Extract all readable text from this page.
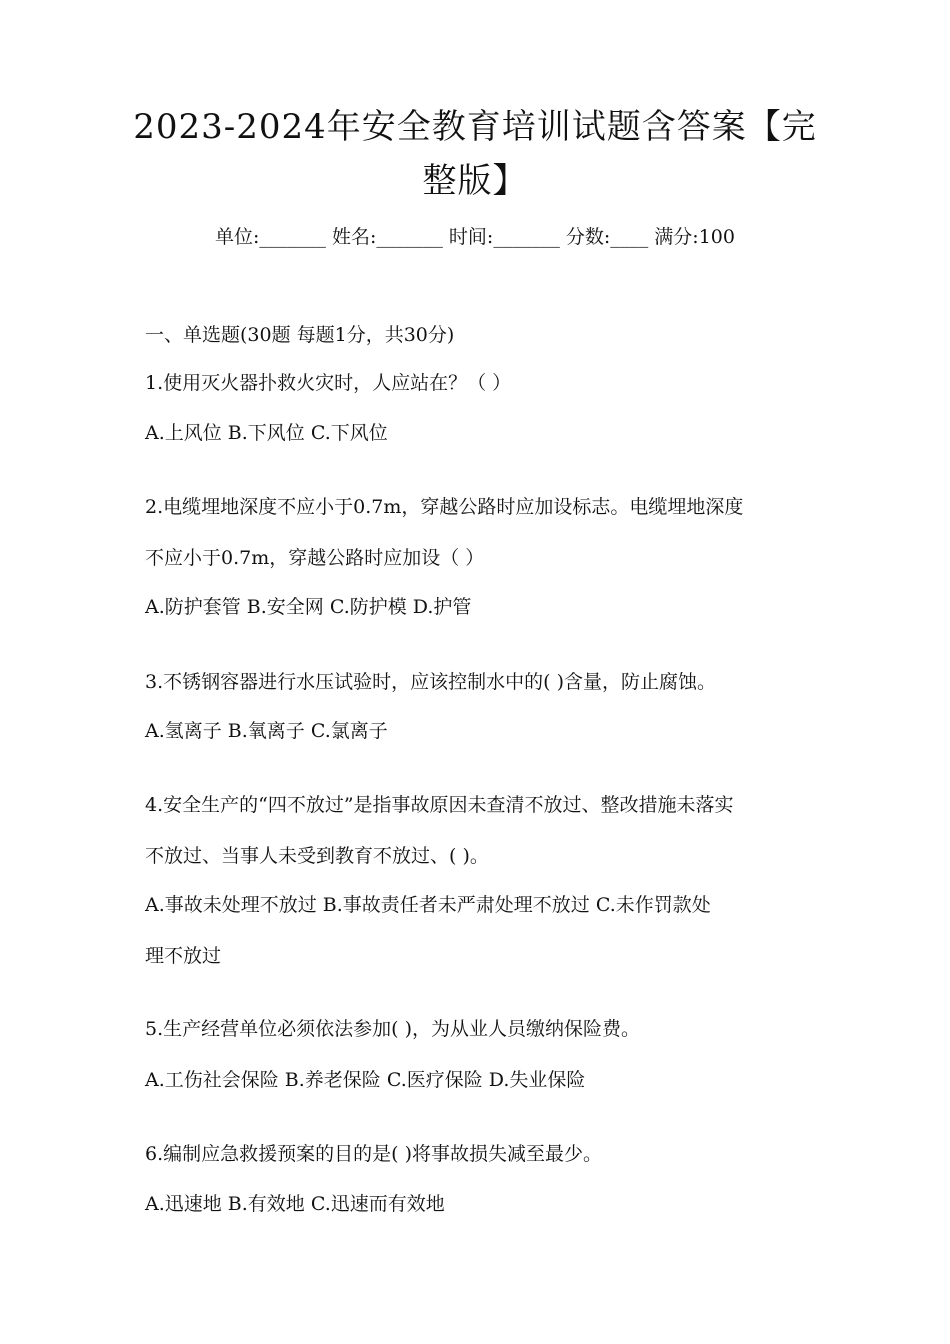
2023-2024年安全教育培训试题含答案【完
整版】
单位:_______ 姓名:_______ 时间:_______ 分数:____ 满分:100
一、单选题(30题 每题1分，共30分)
1.使用灭火器扑救火灾时，人应站在？（ ）
A.上风位 B.下风位 C.下风位
2.电缆埋地深度不应小于0.7m，穿越公路时应加设标志。电缆埋地深度
不应小于0.7m，穿越公路时应加设（ ）
A.防护套管 B.安全网 C.防护模 D.护管
3.不锈钢容器进行水压试验时，应该控制水中的( )含量，防止腐蚀。
A.氢离子 B.氧离子 C.氯离子
4.安全生产的“四不放过”是指事故原因未查清不放过、整改措施未落实
不放过、当事人未受到教育不放过、( )。
A.事故未处理不放过 B.事故责任者未严肃处理不放过 C.未作罚款处
理不放过
5.生产经营单位必须依法参加( )，为从业人员缴纳保险费。
A.工伤社会保险 B.养老保险 C.医疗保险 D.失业保险
6.编制应急救援预案的目的是( )将事故损失减至最少。
A.迅速地 B.有效地 C.迅速而有效地
